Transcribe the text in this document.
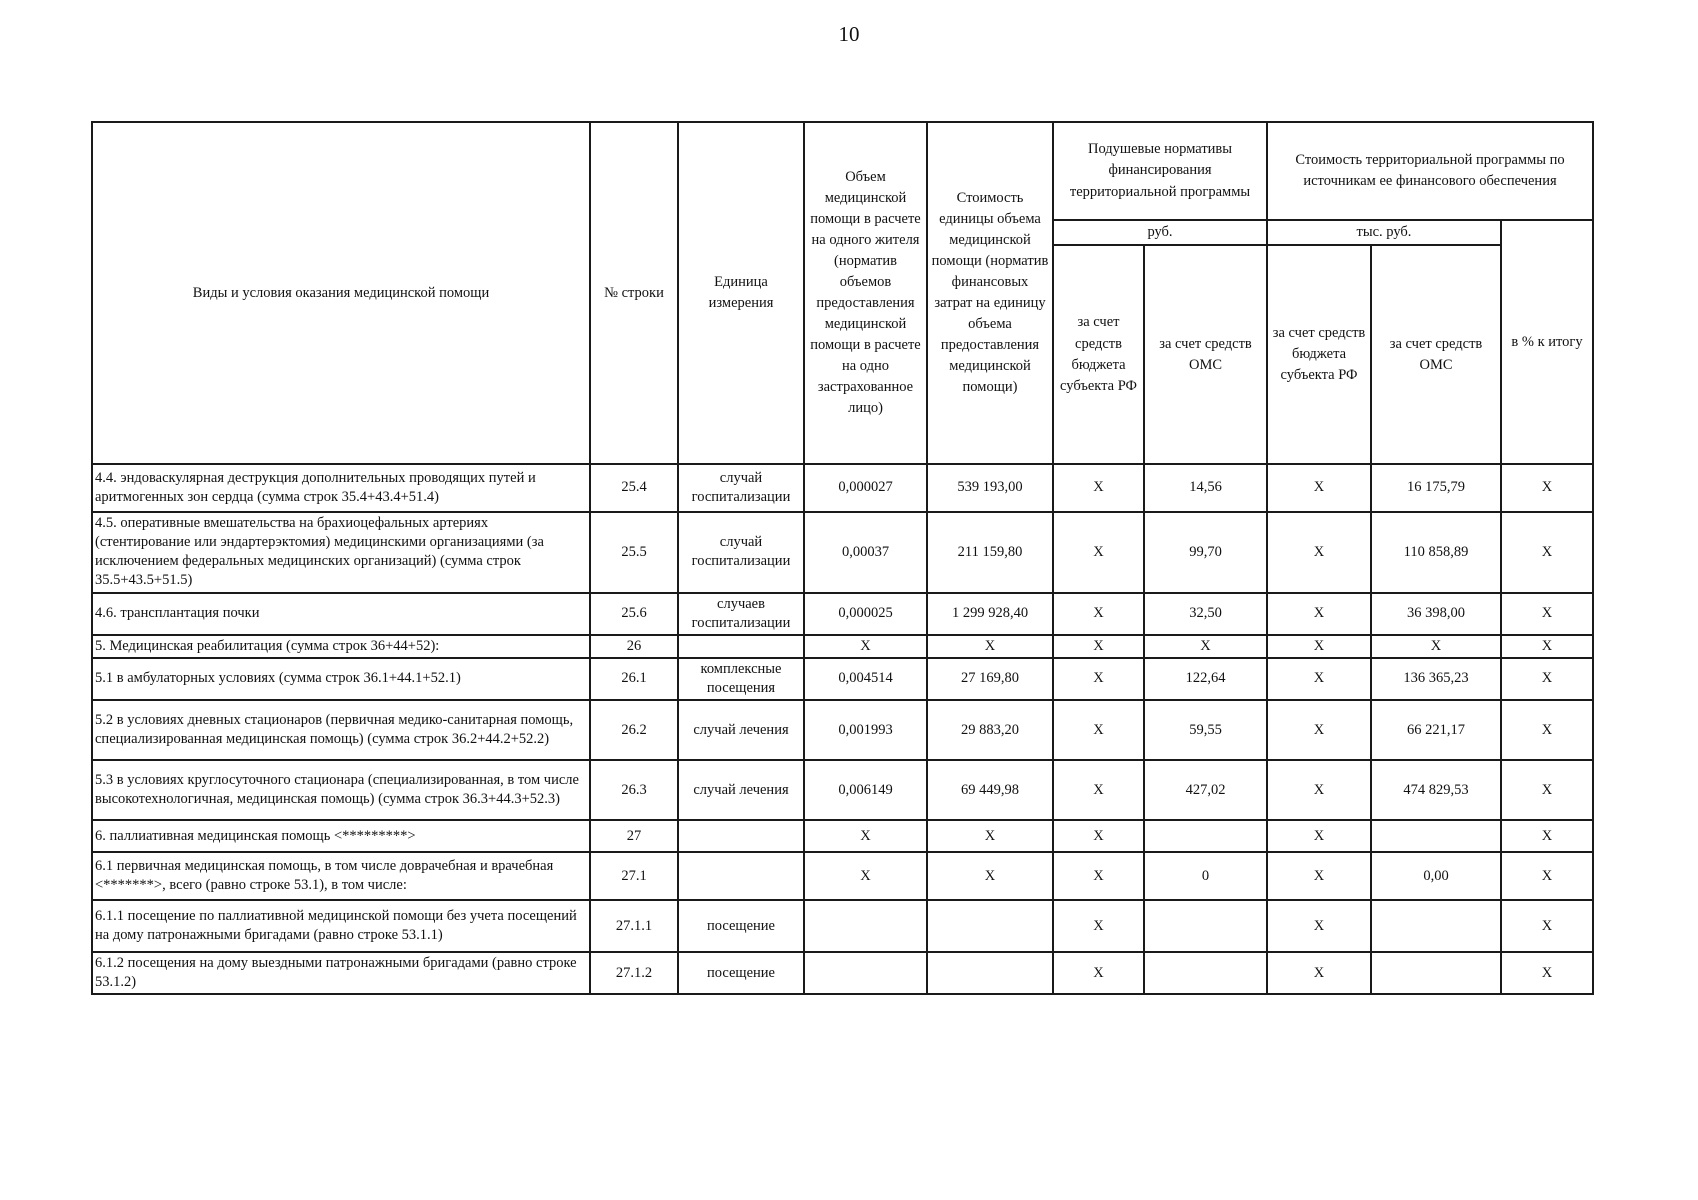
10
Виды и условия оказания медицинской помощи	№ строки	Единица измерения	Объем медицинской помощи в расчете на одного жителя (норматив объемов предоставления медицинской помощи в расчете на одно застрахованное лицо)	Стоимость единицы объема медицинской помощи (норматив финансовых затрат на единицу объема предоставления медицинской помощи)	Подушевые нормативы финансирования территориальной программы		Стоимость территориальной программы по источникам ее финансового обеспечения		
					руб.		тыс. руб.		в % к итогу
					за счет средств бюджета субъекта РФ	за счет средств ОМС	за счет средств бюджета субъекта РФ	за счет средств ОМС	
4.4. эндоваскулярная деструкция дополнительных проводящих путей и аритмогенных зон сердца (сумма строк 35.4+43.4+51.4)	25.4	случай госпитализации	0,000027	539 193,00	X	14,56	X	16 175,79	X
4.5. оперативные вмешательства на брахиоцефальных артериях (стентирование или эндартерэктомия) медицинскими организациями (за исключением федеральных медицинских организаций) (сумма строк 35.5+43.5+51.5)	25.5	случай госпитализации	0,00037	211 159,80	X	99,70	X	110 858,89	X
4.6. трансплантация почки	25.6	случаев госпитализации	0,000025	1 299 928,40	X	32,50	X	36 398,00	X
5. Медицинская реабилитация (сумма строк 36+44+52):	26		X	X	X	X	X	X	X
5.1 в амбулаторных условиях (сумма строк 36.1+44.1+52.1)	26.1	комплексные посещения	0,004514	27 169,80	X	122,64	X	136 365,23	X
5.2 в условиях дневных стационаров (первичная медико-санитарная помощь, специализированная медицинская помощь) (сумма строк 36.2+44.2+52.2)	26.2	случай лечения	0,001993	29 883,20	X	59,55	X	66 221,17	X
5.3 в условиях круглосуточного стационара (специализированная, в том числе высокотехнологичная, медицинская помощь) (сумма строк 36.3+44.3+52.3)	26.3	случай лечения	0,006149	69 449,98	X	427,02	X	474 829,53	X
6. паллиативная медицинская помощь <*********>	27		X	X	X		X		X
6.1 первичная медицинская помощь, в том числе доврачебная и врачебная <*******>, всего (равно строке 53.1), в том числе:	27.1		X	X	X	0	X	0,00	X
6.1.1 посещение по паллиативной медицинской помощи без учета посещений на дому патронажными бригадами (равно строке 53.1.1)	27.1.1	посещение			X		X		X
6.1.2 посещения на дому выездными патронажными бригадами (равно строке 53.1.2)	27.1.2	посещение			X		X		X
